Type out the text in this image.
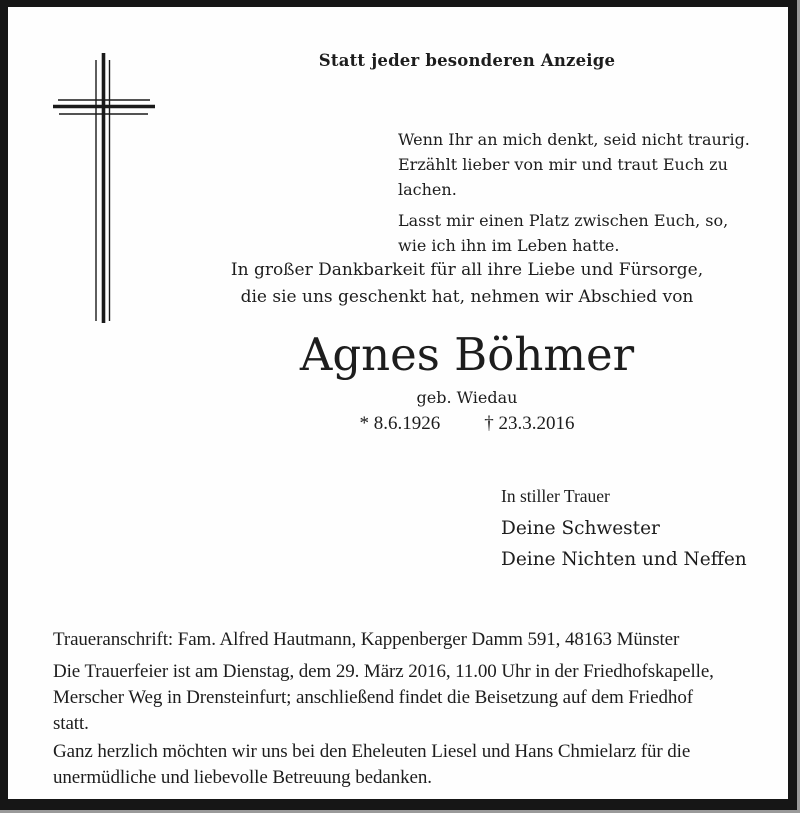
Statt jeder besonderen Anzeige
Wenn Ihr an mich denkt, seid nicht traurig.
Erzählt lieber von mir und traut Euch zu lachen.
Lasst mir einen Platz zwischen Euch, so,
wie ich ihn im Leben hatte.
In großer Dankbarkeit für all ihre Liebe und Fürsorge,
die sie uns geschenkt hat, nehmen wir Abschied von
Agnes Böhmer
geb. Wiedau
* 8.6.1926 † 23.3.2016
In stiller Trauer
Deine Schwester
Deine Nichten und Neffen
Traueranschrift: Fam. Alfred Hautmann, Kappenberger Damm 591, 48163 Münster
Die Trauerfeier ist am Dienstag, dem 29. März 2016, 11.00 Uhr in der Friedhofskapelle,
Merscher Weg in Drensteinfurt; anschließend findet die Beisetzung auf dem Friedhof
statt.
Ganz herzlich möchten wir uns bei den Eheleuten Liesel und Hans Chmielarz für die
unermüdliche und liebevolle Betreuung bedanken.
